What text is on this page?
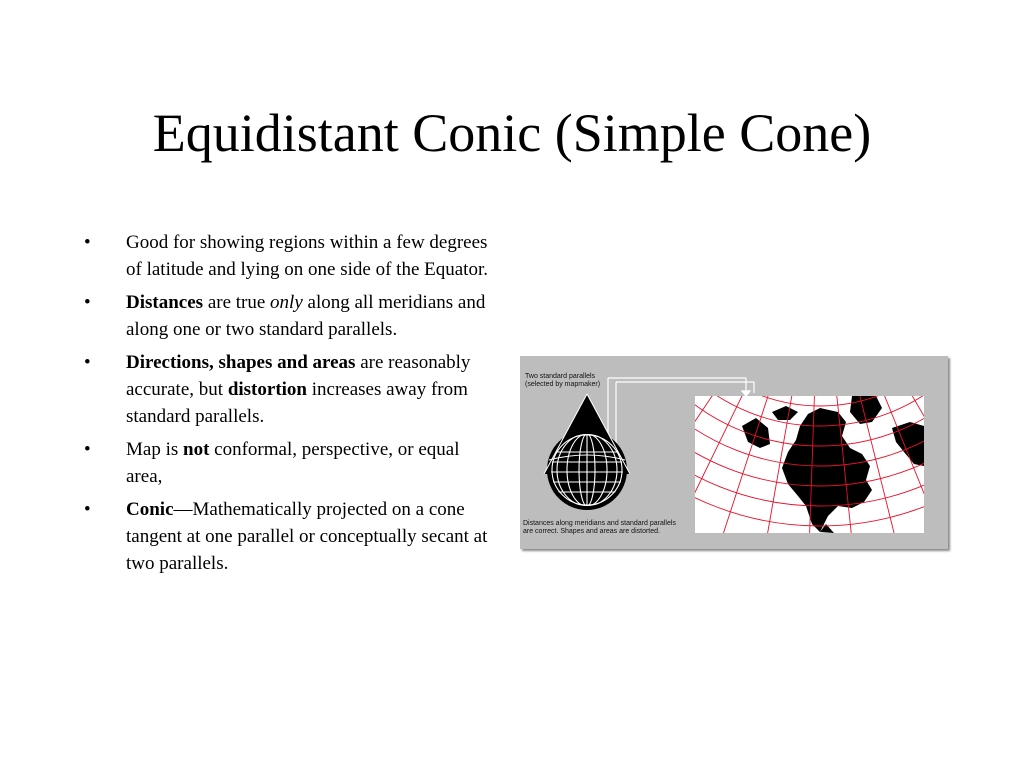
Equidistant Conic (Simple Cone)
• Good for showing regions within a few degrees of latitude and lying on one side of the Equator.
• Distances are true only along all meridians and along one or two standard parallels.
• Directions, shapes and areas are reasonably accurate, but distortion increases away from standard parallels.
• Map is not conformal, perspective, or equal area,
• Conic—Mathematically projected on a cone tangent at one parallel or conceptually secant at two parallels.
Two standard parallels
(selected by mapmaker)
Distances along meridians and standard parallels
are correct. Shapes and areas are distorted.
